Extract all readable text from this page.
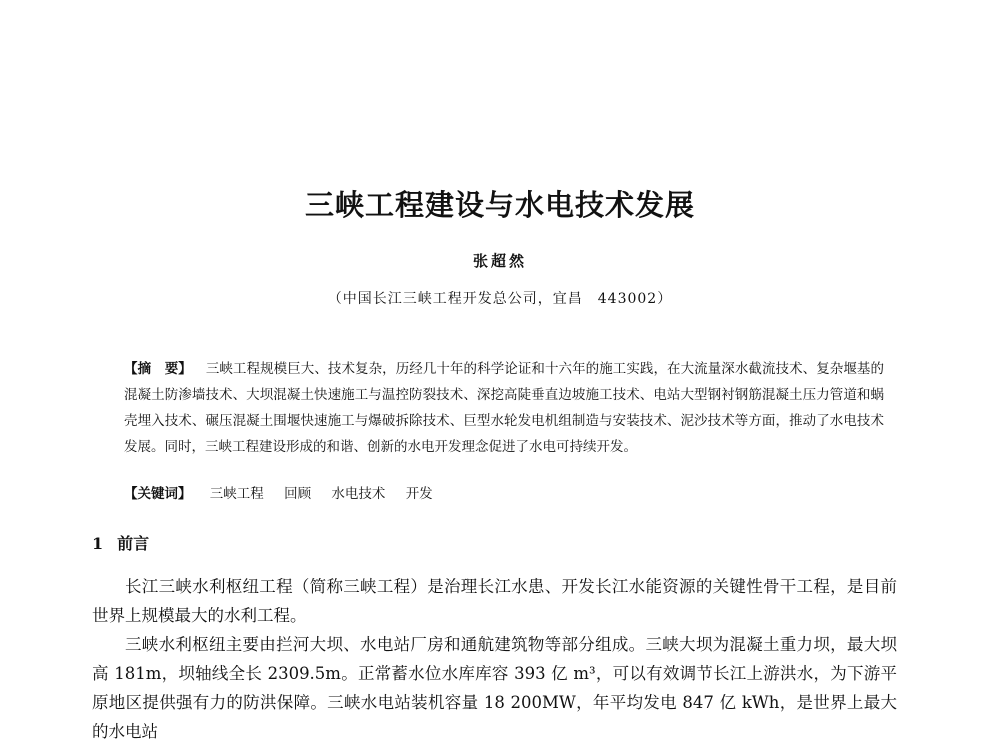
三峡工程建设与水电技术发展
张超然
（中国长江三峡工程开发总公司，宜昌　443002）
【摘　要】 三峡工程规模巨大、技术复杂，历经几十年的科学论证和十六年的施工实践，在大流量深水截流技术、复杂堰基的混凝土防渗墙技术、大坝混凝土快速施工与温控防裂技术、深挖高陡垂直边坡施工技术、电站大型钢衬钢筋混凝土压力管道和蜗壳埋入技术、碾压混凝土围堰快速施工与爆破拆除技术、巨型水轮发电机组制造与安装技术、泥沙技术等方面，推动了水电技术发展。同时，三峡工程建设形成的和谐、创新的水电开发理念促进了水电可持续开发。
【关键词】 三峡工程 回顾 水电技术 开发
1 前言

长江三峡水利枢纽工程（简称三峡工程）是治理长江水患、开发长江水能资源的关键性骨干工程，是目前世界上规模最大的水利工程。

三峡水利枢纽主要由拦河大坝、水电站厂房和通航建筑物等部分组成。三峡大坝为混凝土重力坝，最大坝高 181m，坝轴线全长 2309.5m。正常蓄水位水库库容 393 亿 m³，可以有效调节长江上游洪水，为下游平原地区提供强有力的防洪保障。三峡水电站装机容量 18 200MW，年平均发电 847 亿 kWh，是世界上最大的水电站
